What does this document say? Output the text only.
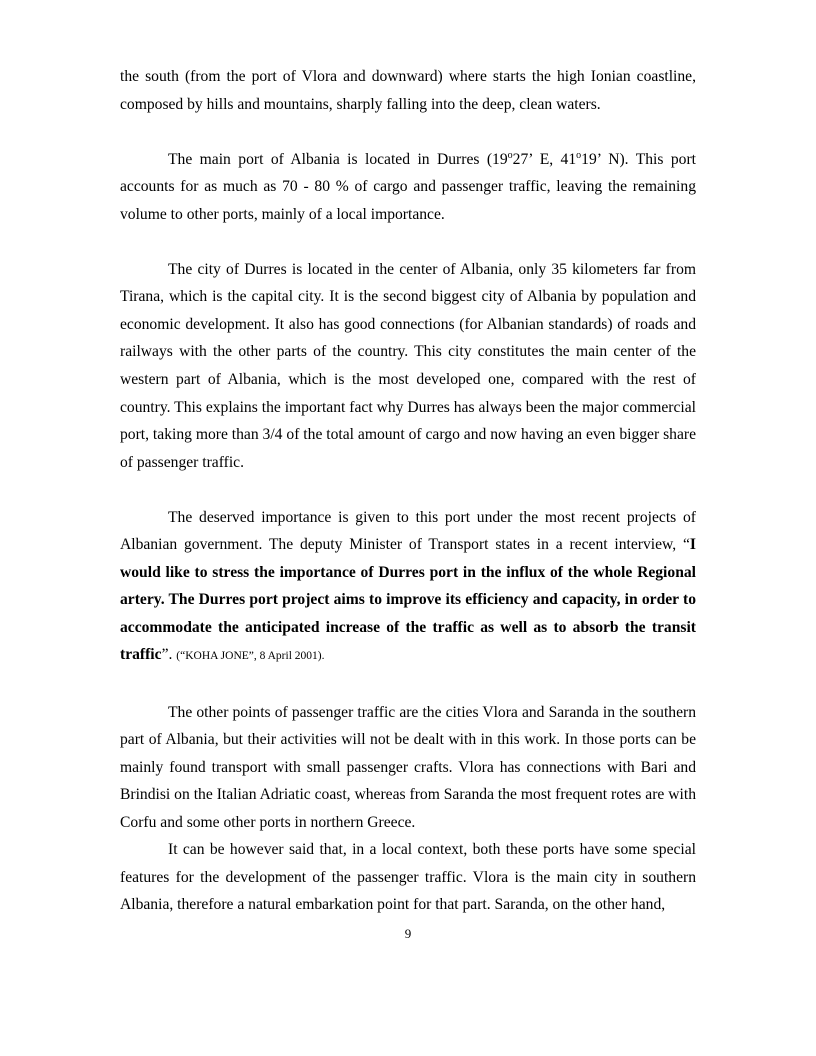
the south (from the port of Vlora and downward) where starts the high Ionian coastline, composed by hills and mountains, sharply falling into the deep, clean waters.

The main port of Albania is located in Durres (19$^o$27’ E, 41$^o$19’ N). This port accounts for as much as 70 - 80 % of cargo and passenger traffic, leaving the remaining volume to other ports, mainly of a local importance.

The city of Durres is located in the center of Albania, only 35 kilometers far from Tirana, which is the capital city. It is the second biggest city of Albania by population and economic development. It also has good connections (for Albanian standards) of roads and railways with the other parts of the country. This city constitutes the main center of the western part of Albania, which is the most developed one, compared with the rest of country. This explains the important fact why Durres has always been the major commercial port, taking more than 3/4 of the total amount of cargo and now having an even bigger share of passenger traffic.

The deserved importance is given to this port under the most recent projects of Albanian government. The deputy Minister of Transport states in a recent interview, “I would like to stress the importance of Durres port in the influx of the whole Regional artery. The Durres port project aims to improve its efficiency and capacity, in order to accommodate the anticipated increase of the traffic as well as to absorb the transit traffic”. (“KOHA JONE”, 8 April 2001).

The other points of passenger traffic are the cities Vlora and Saranda in the southern part of Albania, but their activities will not be dealt with in this work. In those ports can be mainly found transport with small passenger crafts. Vlora has connections with Bari and Brindisi on the Italian Adriatic coast, whereas from Saranda the most frequent rotes are with Corfu and some other ports in northern Greece.

It can be however said that, in a local context, both these ports have some special features for the development of the passenger traffic. Vlora is the main city in southern Albania, therefore a natural embarkation point for that part. Saranda, on the other hand,

9
